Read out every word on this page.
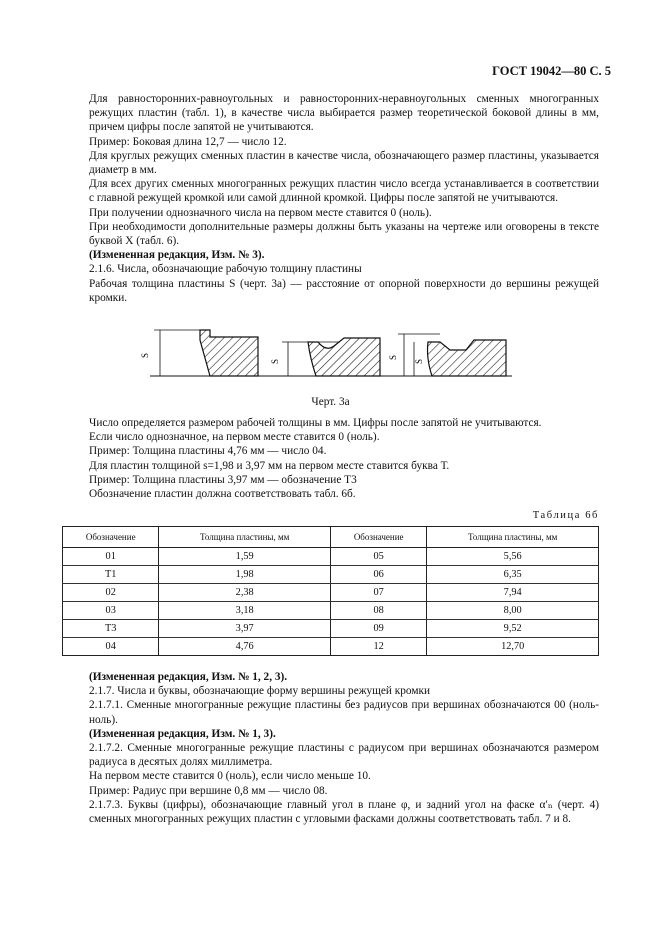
ГОСТ 19042—80 С. 5

Для равносторонних-равноугольных и равносторонних-неравноугольных сменных многогранных режущих пластин (табл. 1), в качестве числа выбирается размер теоретической боковой длины в мм, причем цифры после запятой не учитываются.

Пример: Боковая длина 12,7 — число 12.

Для круглых режущих сменных пластин в качестве числа, обозначающего размер пластины, указывается диаметр в мм.

Для всех других сменных многогранных режущих пластин число всегда устанавливается в соответствии с главной режущей кромкой или самой длинной кромкой. Цифры после запятой не учитываются.

При получении однозначного числа на первом месте ставится 0 (ноль).

При необходимости дополнительные размеры должны быть указаны на чертеже или оговорены в тексте буквой X (табл. 6).

(Измененная редакция, Изм. № 3).

2.1.6. Числа, обозначающие рабочую толщину пластины

Рабочая толщина пластины S (черт. 3а) — расстояние от опорной поверхности до вершины режущей кромки.

S
S
S
S
Черт. 3а

Число определяется размером рабочей толщины в мм. Цифры после запятой не учитываются.

Если число однозначное, на первом месте ставится 0 (ноль).

Пример: Толщина пластины 4,76 мм — число 04.

Для пластин толщиной s=1,98 и 3,97 мм на первом месте ставится буква Т.

Пример: Толщина пластины 3,97 мм — обозначение Т3

Обозначение пластин должна соответствовать табл. 6б.

Таблица 6б
Обозначение	Толщина пластины, мм	Обозначение	Толщина пластины, мм
01	1,59	05	5,56
Т1	1,98	06	6,35
02	2,38	07	7,94
03	3,18	08	8,00
Т3	3,97	09	9,52
04	4,76	12	12,70

(Измененная редакция, Изм. № 1, 2, 3).

2.1.7. Числа и буквы, обозначающие форму вершины режущей кромки

2.1.7.1. Сменные многогранные режущие пластины без радиусов при вершинах обозначаются 00 (ноль-ноль).

(Измененная редакция, Изм. № 1, 3).

2.1.7.2. Сменные многогранные режущие пластины с радиусом при вершинах обозначаются размером радиуса в десятых долях миллиметра.

На первом месте ставится 0 (ноль), если число меньше 10.

Пример: Радиус при вершине 0,8 мм — число 08.

2.1.7.3. Буквы (цифры), обозначающие главный угол в плане φ, и задний угол на фаске α′ₙ (черт. 4) сменных многогранных режущих пластин с угловыми фасками должны соответствовать табл. 7 и 8.
